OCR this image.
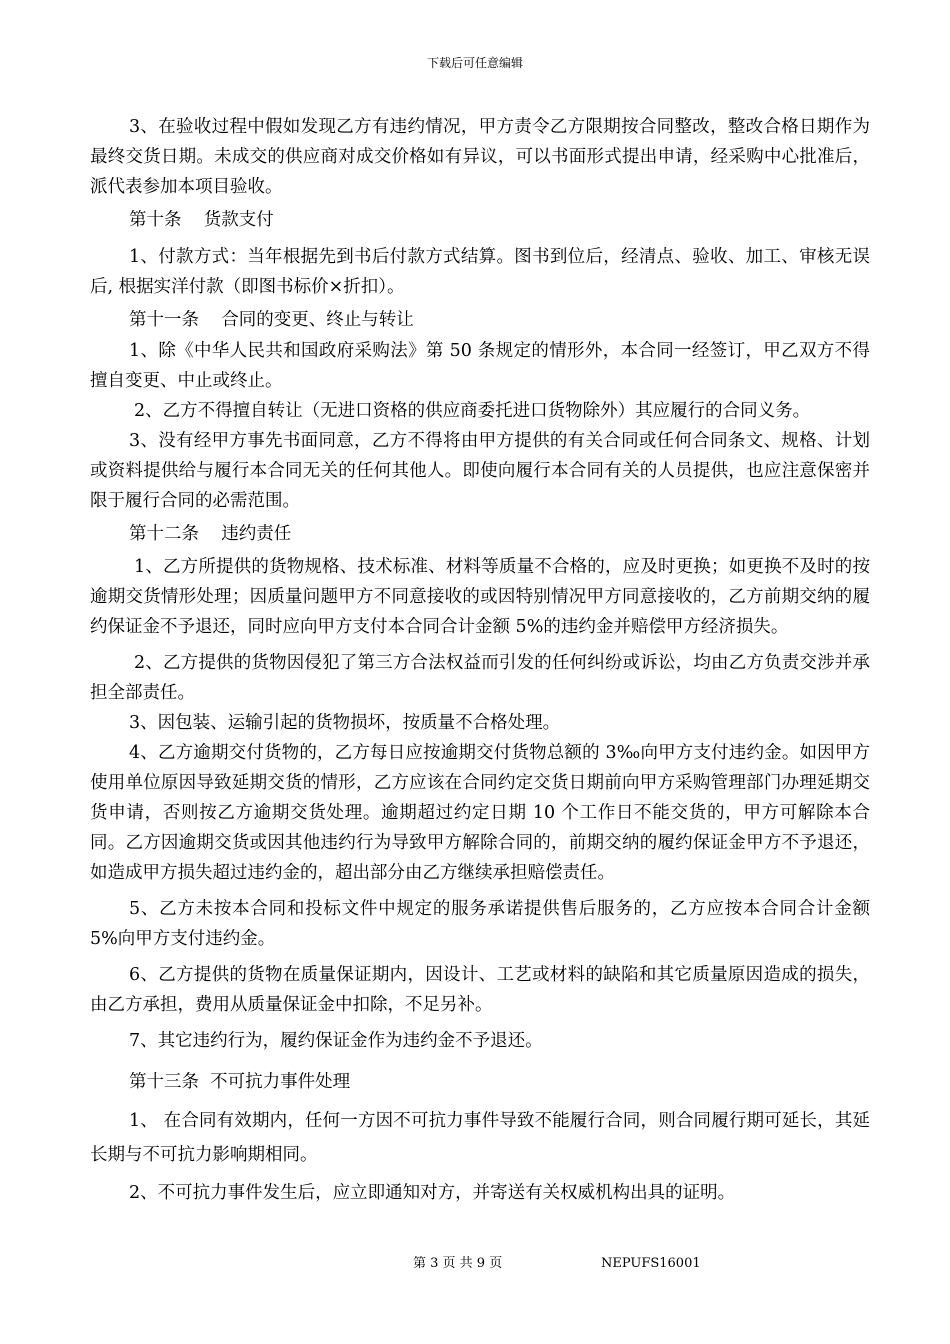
下载后可任意编辑

3、在验收过程中假如发现乙方有违约情况，甲方责令乙方限期按合同整改，整改合格日期作为最终交货日期。未成交的供应商对成交价格如有异议，可以书面形式提出申请，经采购中心批准后，派代表参加本项目验收。

第十条    货款支付

1、付款方式：当年根据先到书后付款方式结算。图书到位后，经清点、验收、加工、审核无误后, 根据实洋付款（即图书标价×折扣）。

第十一条    合同的变更、终止与转让

1、除《中华人民共和国政府采购法》第 50 条规定的情形外，本合同一经签订，甲乙双方不得擅自变更、中止或终止。

2、乙方不得擅自转让（无进口资格的供应商委托进口货物除外）其应履行的合同义务。

3、没有经甲方事先书面同意，乙方不得将由甲方提供的有关合同或任何合同条文、规格、计划或资料提供给与履行本合同无关的任何其他人。即使向履行本合同有关的人员提供，也应注意保密并限于履行合同的必需范围。

第十二条    违约责任

1、乙方所提供的货物规格、技术标准、材料等质量不合格的，应及时更换；如更换不及时的按逾期交货情形处理；因质量问题甲方不同意接收的或因特别情况甲方同意接收的，乙方前期交纳的履约保证金不予退还，同时应向甲方支付本合同合计金额 5%的违约金并赔偿甲方经济损失。

2、乙方提供的货物因侵犯了第三方合法权益而引发的任何纠纷或诉讼，均由乙方负责交涉并承担全部责任。

3、因包装、运输引起的货物损坏，按质量不合格处理。

4、乙方逾期交付货物的，乙方每日应按逾期交付货物总额的 3‰向甲方支付违约金。如因甲方使用单位原因导致延期交货的情形，乙方应该在合同约定交货日期前向甲方采购管理部门办理延期交货申请，否则按乙方逾期交货处理。逾期超过约定日期 10 个工作日不能交货的，甲方可解除本合同。乙方因逾期交货或因其他违约行为导致甲方解除合同的，前期交纳的履约保证金甲方不予退还，如造成甲方损失超过违约金的，超出部分由乙方继续承担赔偿责任。

5、乙方未按本合同和投标文件中规定的服务承诺提供售后服务的，乙方应按本合同合计金额 5%向甲方支付违约金。

6、乙方提供的货物在质量保证期内，因设计、工艺或材料的缺陷和其它质量原因造成的损失，由乙方承担，费用从质量保证金中扣除，不足另补。

7、其它违约行为，履约保证金作为违约金不予退还。

第十三条  不可抗力事件处理

1、 在合同有效期内，任何一方因不可抗力事件导致不能履行合同，则合同履行期可延长，其延长期与不可抗力影响期相同。

2、不可抗力事件发生后，应立即通知对方，并寄送有关权威机构出具的证明。

第 3 页 共 9 页	NEPUFS16001
